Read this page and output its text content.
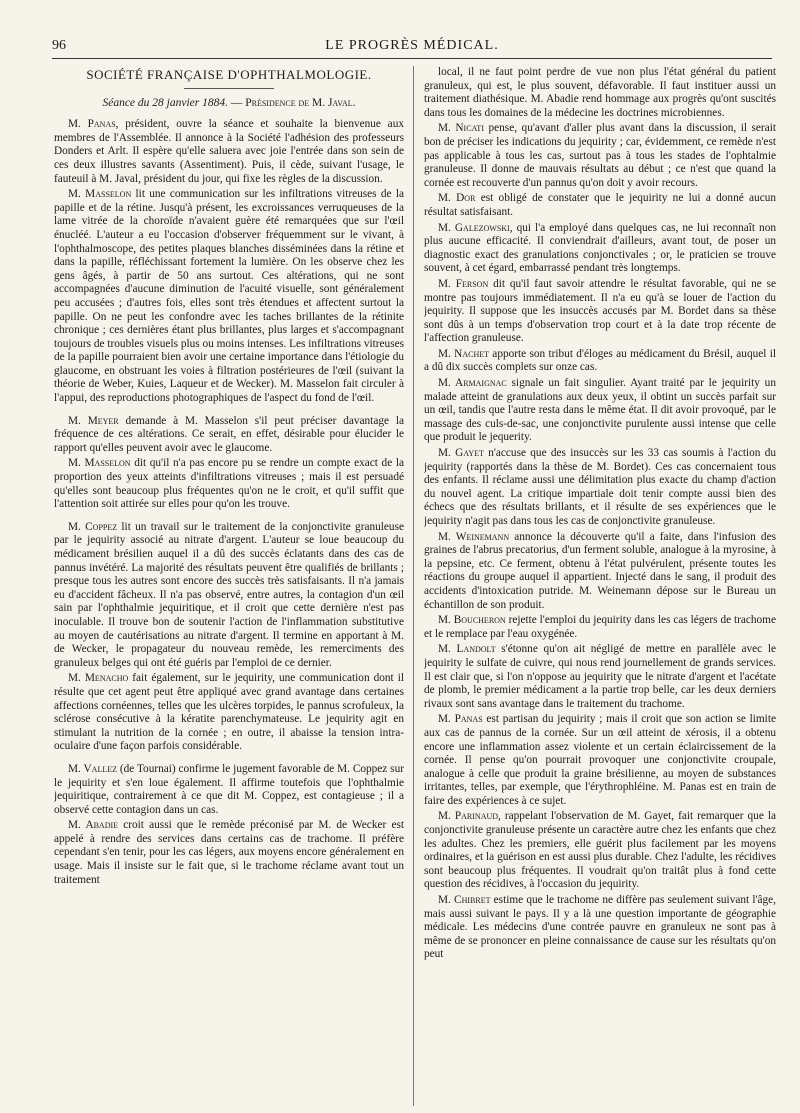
96	LE PROGRÈS MÉDICAL.
SOCIÉTÉ FRANÇAISE D'OPHTHALMOLOGIE.
Séance du 28 janvier 1884. — Présidence de M. Javal.

M. Panas, président, ouvre la séance et souhaite la bienvenue aux membres de l'Assemblée. Il annonce à la Société l'adhésion des professeurs Donders et Arlt. Il espère qu'elle saluera avec joie l'entrée dans son sein de ces deux illustres savants (Assentiment). Puis, il cède, suivant l'usage, le fauteuil à M. Javal, président du jour, qui fixe les règles de la discussion.

M. Masselon lit une communication sur les infiltrations vitreuses de la papille et de la rétine. Jusqu'à présent, les excroissances verruqueuses de la lame vitrée de la choroïde n'avaient guère été remarquées que sur l'œil énucléé. L'auteur a eu l'occasion d'observer fréquemment sur le vivant, à l'ophthalmoscope, des petites plaques blanches disséminées dans la rétine et dans la papille, réfléchissant fortement la lumière. On les observe chez les gens âgés, à partir de 50 ans surtout. Ces altérations, qui ne sont accompagnées d'aucune diminution de l'acuité visuelle, sont généralement peu accusées ; d'autres fois, elles sont très étendues et affectent surtout la papille. On ne peut les confondre avec les taches brillantes de la rétinite chronique ; ces dernières étant plus brillantes, plus larges et s'accompagnant toujours de troubles visuels plus ou moins intenses. Les infiltrations vitreuses de la papille pourraient bien avoir une certaine importance dans l'étiologie du glaucome, en obstruant les voies à filtration postérieures de l'œil (suivant la théorie de Weber, Kuies, Laqueur et de Wecker). M. Masselon fait circuler à l'appui, des reproductions photographiques de l'aspect du fond de l'œil.

M. Meyer demande à M. Masselon s'il peut préciser davantage la fréquence de ces altérations. Ce serait, en effet, désirable pour élucider le rapport qu'elles peuvent avoir avec le glaucome.

M. Masselon dit qu'il n'a pas encore pu se rendre un compte exact de la proportion des yeux atteints d'infiltrations vitreuses ; mais il est persuadé qu'elles sont beaucoup plus fréquentes qu'on ne le croit, et qu'il suffit que l'attention soit attirée sur elles pour qu'on les trouve.

M. Coppez lit un travail sur le traitement de la conjonctivite granuleuse par le jequirity associé au nitrate d'argent. L'auteur se loue beaucoup du médicament brésilien auquel il a dû des succès éclatants dans des cas de pannus invétéré. La majorité des résultats peuvent être qualifiés de brillants ; presque tous les autres sont encore des succès très satisfaisants. Il n'a jamais eu d'accident fâcheux. Il n'a pas observé, entre autres, la contagion d'un œil sain par l'ophthalmie jequiritique, et il croit que cette dernière n'est pas inoculable. Il trouve bon de soutenir l'action de l'inflammation substitutive au moyen de cautérisations au nitrate d'argent. Il termine en apportant à M. de Wecker, le propagateur du nouveau remède, les remerciments des granuleux belges qui ont été guéris par l'emploi de ce dernier.

M. Menacho fait également, sur le jequirity, une communication dont il résulte que cet agent peut être appliqué avec grand avantage dans certaines affections cornéennes, telles que les ulcères torpides, le pannus scrofuleux, la sclérose consécutive à la kératite parenchymateuse. Le jequirity agit en stimulant la nutrition de la cornée ; en outre, il abaisse la tension intra-oculaire d'une façon parfois considérable.

M. Vallez (de Tournai) confirme le jugement favorable de M. Coppez sur le jequirity et s'en loue également. Il affirme toutefois que l'ophthalmie jequiritique, contrairement à ce que dit M. Coppez, est contagieuse ; il a observé cette contagion dans un cas.

M. Abadie croit aussi que le remède préconisé par M. de Wecker est appelé à rendre des services dans certains cas de trachome. Il préfère cependant s'en tenir, pour les cas légers, aux moyens encore généralement en usage. Mais il insiste sur le fait que, si le trachome réclame avant tout un traitement

local, il ne faut point perdre de vue non plus l'état général du patient granuleux, qui est, le plus souvent, défavorable. Il faut instituer aussi un traitement diathésique. M. Abadie rend hommage aux progrès qu'ont suscités dans tous les domaines de la médecine les doctrines microbiennes.

M. Nicati pense, qu'avant d'aller plus avant dans la discussion, il serait bon de préciser les indications du jequirity ; car, évidemment, ce remède n'est pas applicable à tous les cas, surtout pas à tous les stades de l'ophtalmie granuleuse. Il donne de mauvais résultats au début ; ce n'est que quand la cornée est recouverte d'un pannus qu'on doit y avoir recours.

M. Dor est obligé de constater que le jequirity ne lui a donné aucun résultat satisfaisant.

M. Galezowski, qui l'a employé dans quelques cas, ne lui reconnaît non plus aucune efficacité. Il conviendrait d'ailleurs, avant tout, de poser un diagnostic exact des granulations conjonctivales ; or, le praticien se trouve souvent, à cet égard, embarrassé pendant très longtemps.

M. Ferson dit qu'il faut savoir attendre le résultat favorable, qui ne se montre pas toujours immédiatement. Il n'a eu qu'à se louer de l'action du jequirity. Il suppose que les insuccès accusés par M. Bordet dans sa thèse sont dûs à un temps d'observation trop court et à la date trop récente de l'affection granuleuse.

M. Nachet apporte son tribut d'éloges au médicament du Brésil, auquel il a dû dix succès complets sur onze cas.

M. Armaignac signale un fait singulier. Ayant traité par le jequirity un malade atteint de granulations aux deux yeux, il obtint un succès parfait sur un œil, tandis que l'autre resta dans le même état. Il dit avoir provoqué, par le massage des culs-de-sac, une conjonctivite purulente aussi intense que celle que produit le jequerity.

M. Gayet n'accuse que des insuccès sur les 33 cas soumis à l'action du jequirity (rapportés dans la thèse de M. Bordet). Ces cas concernaient tous des enfants. Il réclame aussi une délimitation plus exacte du champ d'action du nouvel agent. La critique impartiale doit tenir compte aussi bien des échecs que des résultats brillants, et il résulte de ses expériences que le jequirity n'agit pas dans tous les cas de conjonctivite granuleuse.

M. Weinemann annonce la découverte qu'il a faite, dans l'infusion des graines de l'abrus precatorius, d'un ferment soluble, analogue à la myrosine, à la pepsine, etc. Ce ferment, obtenu à l'état pulvérulent, présente toutes les réactions du groupe auquel il appartient. Injecté dans le sang, il produit des accidents d'intoxication putride. M. Weinemann dépose sur le Bureau un échantillon de son produit.

M. Boucheron rejette l'emploi du jequirity dans les cas légers de trachome et le remplace par l'eau oxygénée.

M. Landolt s'étonne qu'on ait négligé de mettre en parallèle avec le jequirity le sulfate de cuivre, qui nous rend journellement de grands services. Il est clair que, si l'on n'oppose au jequirity que le nitrate d'argent et l'acétate de plomb, le premier médicament a la partie trop belle, car les deux derniers rivaux sont sans avantage dans le traitement du trachome.

M. Panas est partisan du jequirity ; mais il croit que son action se limite aux cas de pannus de la cornée. Sur un œil atteint de xérosis, il a obtenu encore une inflammation assez violente et un certain éclaircissement de la cornée. Il pense qu'on pourrait provoquer une conjonctivite croupale, analogue à celle que produit la graine brésilienne, au moyen de substances irritantes, telles, par exemple, que l'érythrophléine. M. Panas est en train de faire des expériences à ce sujet.

M. Parinaud, rappelant l'observation de M. Gayet, fait remarquer que la conjonctivite granuleuse présente un caractère autre chez les enfants que chez les adultes. Chez les premiers, elle guérit plus facilement par les moyens ordinaires, et la guérison en est aussi plus durable. Chez l'adulte, les récidives sont beaucoup plus fréquentes. Il voudrait qu'on traitât plus à fond cette question des récidives, à l'occasion du jequirity.

M. Chibret estime que le trachome ne diffère pas seulement suivant l'âge, mais aussi suivant le pays. Il y a là une question importante de géographie médicale. Les médecins d'une contrée pauvre en granuleux ne sont pas à même de se prononcer en pleine connaissance de cause sur les résultats qu'on peut
